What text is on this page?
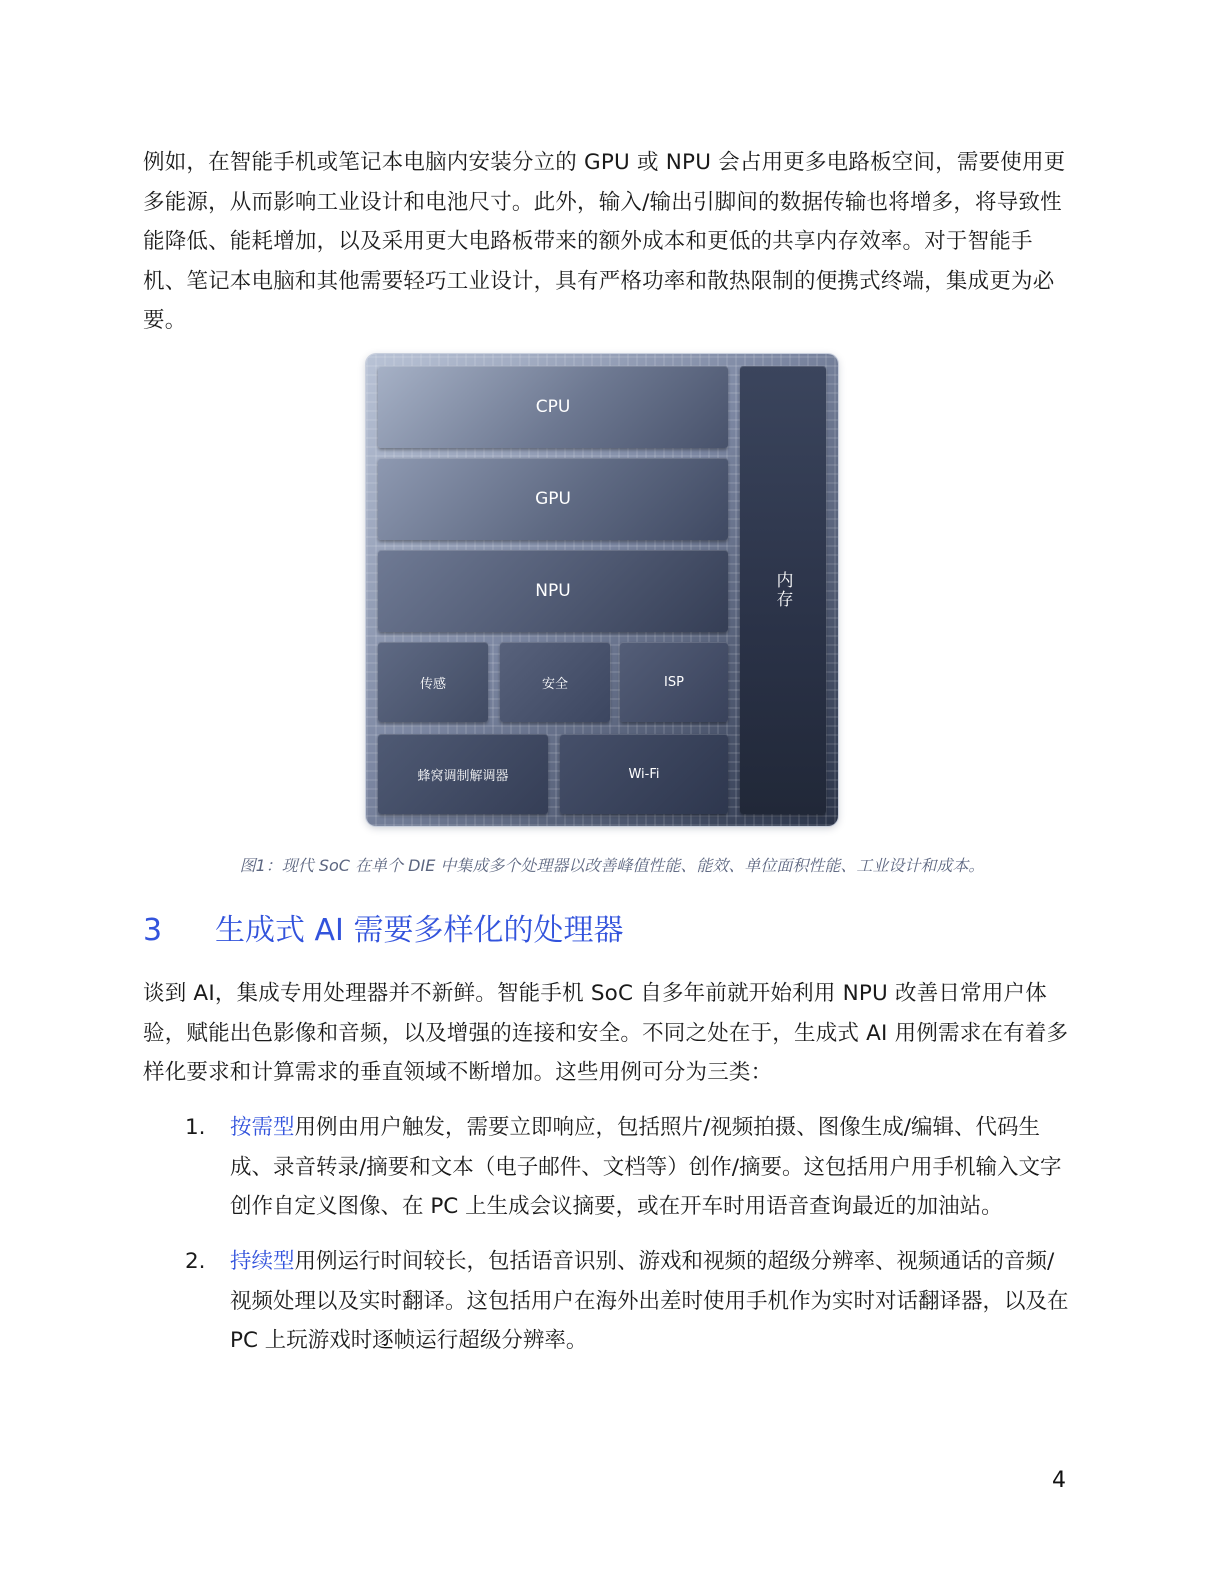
例如，在智能手机或笔记本电脑内安装分立的 GPU 或 NPU 会占用更多电路板空间，需要使用更多能源，从而影响工业设计和电池尺寸。此外，输入/输出引脚间的数据传输也将增多，将导致性能降低、能耗增加，以及采用更大电路板带来的额外成本和更低的共享内存效率。对于智能手机、笔记本电脑和其他需要轻巧工业设计，具有严格功率和散热限制的便携式终端，集成更为必要。

CPU
GPU
NPU
传感	安全	ISP
蜂窝调制解调器	Wi-Fi
内存

图1：现代 SoC 在单个 DIE 中集成多个处理器以改善峰值性能、能效、单位面积性能、工业设计和成本。

3 生成式 AI 需要多样化的处理器

谈到 AI，集成专用处理器并不新鲜。智能手机 SoC 自多年前就开始利用 NPU 改善日常用户体验，赋能出色影像和音频，以及增强的连接和安全。不同之处在于，生成式 AI 用例需求在有着多样化要求和计算需求的垂直领域不断增加。这些用例可分为三类：

1. 按需型用例由用户触发，需要立即响应，包括照片/视频拍摄、图像生成/编辑、代码生成、录音转录/摘要和文本（电子邮件、文档等）创作/摘要。这包括用户用手机输入文字创作自定义图像、在 PC 上生成会议摘要，或在开车时用语音查询最近的加油站。
2. 持续型用例运行时间较长，包括语音识别、游戏和视频的超级分辨率、视频通话的音频/视频处理以及实时翻译。这包括用户在海外出差时使用手机作为实时对话翻译器，以及在 PC 上玩游戏时逐帧运行超级分辨率。
4
